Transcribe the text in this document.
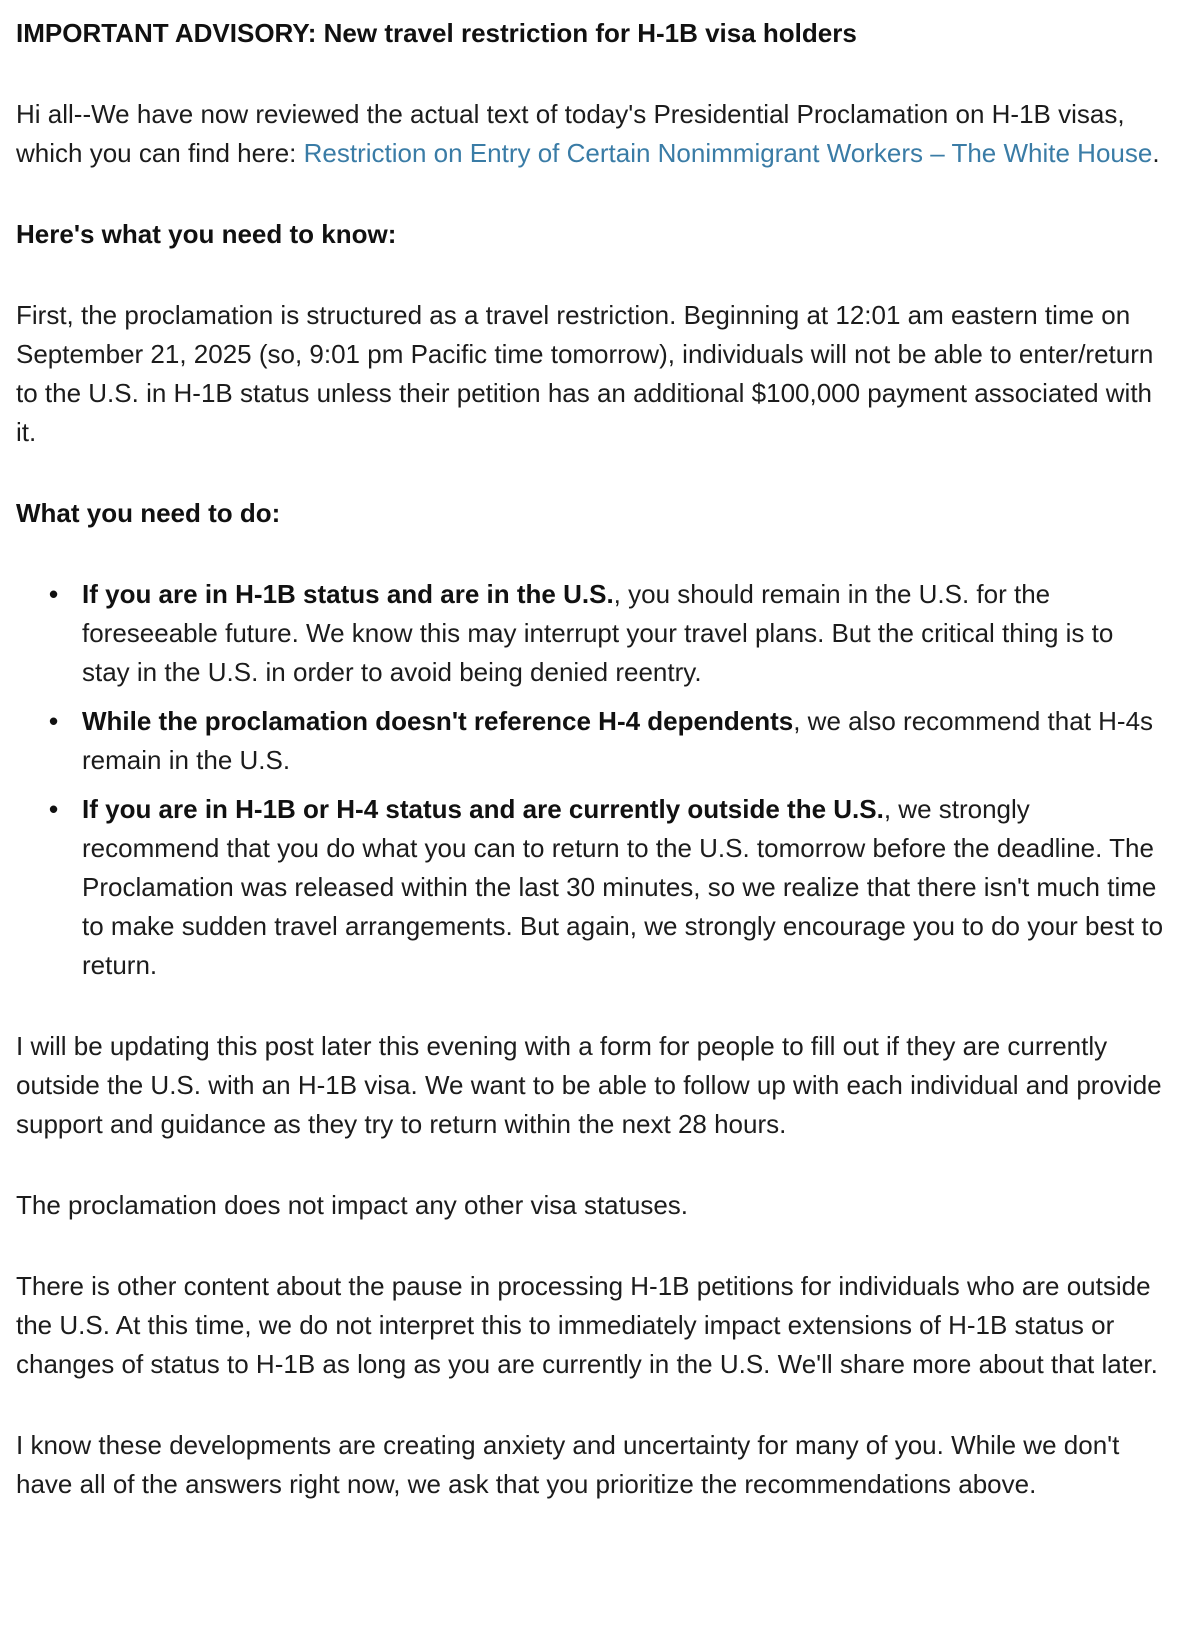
IMPORTANT ADVISORY: New travel restriction for H-1B visa holders

Hi all--We have now reviewed the actual text of today's Presidential Proclamation on H-1B visas, which you can find here: Restriction on Entry of Certain Nonimmigrant Workers – The White House.

Here's what you need to know:

First, the proclamation is structured as a travel restriction. Beginning at 12:01 am eastern time on September 21, 2025 (so, 9:01 pm Pacific time tomorrow), individuals will not be able to enter/return to the U.S. in H-1B status unless their petition has an additional $100,000 payment associated with it.

What you need to do:
• If you are in H-1B status and are in the U.S., you should remain in the U.S. for the foreseeable future. We know this may interrupt your travel plans. But the critical thing is to stay in the U.S. in order to avoid being denied reentry.
• While the proclamation doesn't reference H-4 dependents, we also recommend that H-4s remain in the U.S.
• If you are in H-1B or H-4 status and are currently outside the U.S., we strongly recommend that you do what you can to return to the U.S. tomorrow before the deadline. The Proclamation was released within the last 30 minutes, so we realize that there isn't much time to make sudden travel arrangements. But again, we strongly encourage you to do your best to return.

I will be updating this post later this evening with a form for people to fill out if they are currently outside the U.S. with an H-1B visa. We want to be able to follow up with each individual and provide support and guidance as they try to return within the next 28 hours.

The proclamation does not impact any other visa statuses.

There is other content about the pause in processing H-1B petitions for individuals who are outside the U.S. At this time, we do not interpret this to immediately impact extensions of H-1B status or changes of status to H-1B as long as you are currently in the U.S. We'll share more about that later.

I know these developments are creating anxiety and uncertainty for many of you. While we don't have all of the answers right now, we ask that you prioritize the recommendations above.
